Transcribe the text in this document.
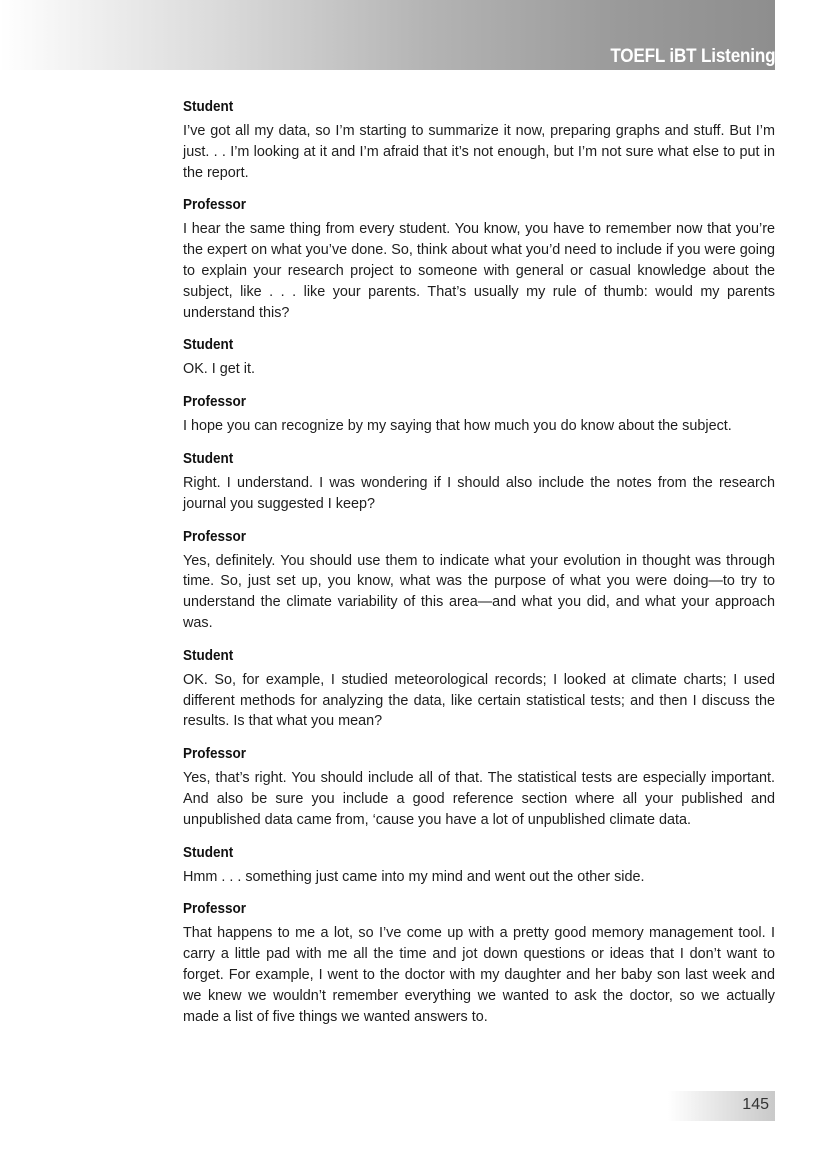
TOEFL iBT Listening
Student

I’ve got all my data, so I’m starting to summarize it now, preparing graphs and stuff. But I’m just. . . I’m looking at it and I’m afraid that it’s not enough, but I’m not sure what else to put in the report.

Professor

I hear the same thing from every student. You know, you have to remember now that you’re the expert on what you’ve done. So, think about what you’d need to include if you were going to explain your research project to someone with general or casual knowledge about the subject, like . . . like your parents. That’s usually my rule of thumb: would my parents understand this?

Student

OK. I get it.

Professor

I hope you can recognize by my saying that how much you do know about the subject.

Student

Right. I understand. I was wondering if I should also include the notes from the research journal you suggested I keep?

Professor

Yes, definitely. You should use them to indicate what your evolution in thought was through time. So, just set up, you know, what was the purpose of what you were doing—to try to understand the climate variability of this area—and what you did, and what your approach was.

Student

OK. So, for example, I studied meteorological records; I looked at climate charts; I used different methods for analyzing the data, like certain statistical tests; and then I discuss the results. Is that what you mean?

Professor

Yes, that’s right. You should include all of that. The statistical tests are especially important. And also be sure you include a good reference section where all your published and unpublished data came from, ‘cause you have a lot of unpublished climate data.

Student

Hmm . . . something just came into my mind and went out the other side.

Professor

That happens to me a lot, so I’ve come up with a pretty good memory management tool. I carry a little pad with me all the time and jot down questions or ideas that I don’t want to forget. For example, I went to the doctor with my daughter and her baby son last week and we knew we wouldn’t remember everything we wanted to ask the doctor, so we actually made a list of five things we wanted answers to.

145
